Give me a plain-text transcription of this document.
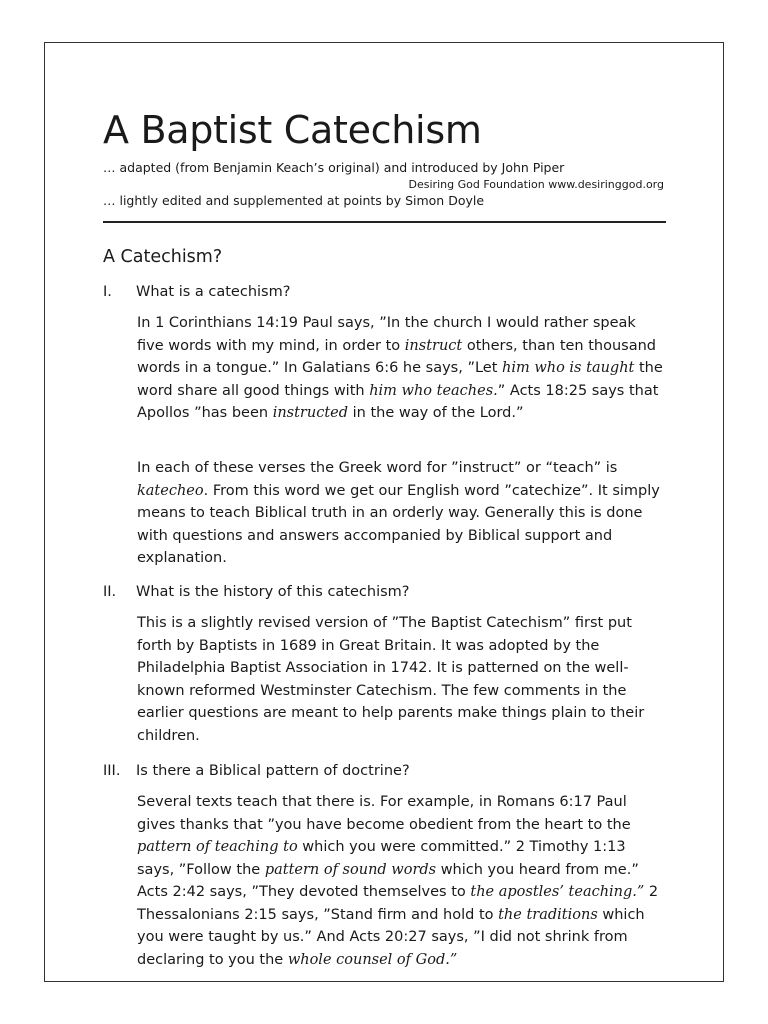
A Baptist Catechism
… adapted (from Benjamin Keach’s original) and introduced by John Piper
Desiring God Foundation www.desiringgod.org
… lightly edited and supplemented at points by Simon Doyle
A Catechism?
I. What is a catechism?

In 1 Corinthians 14:19 Paul says, ”In the church I would rather speak five words with my mind, in order to instruct others, than ten thousand words in a tongue.” In Galatians 6:6 he says, ”Let him who is taught the word share all good things with him who teaches.” Acts 18:25 says that Apollos ”has been instructed in the way of the Lord.”

In each of these verses the Greek word for ”instruct” or “teach” is katecheo. From this word we get our English word ”catechize”. It simply means to teach Biblical truth in an orderly way. Generally this is done with questions and answers accompanied by Biblical support and explanation.

II. What is the history of this catechism?

This is a slightly revised version of ”The Baptist Catechism” first put forth by Baptists in 1689 in Great Britain. It was adopted by the Philadelphia Baptist Association in 1742. It is patterned on the well-known reformed Westminster Catechism. The few comments in the earlier questions are meant to help parents make things plain to their children.

III. Is there a Biblical pattern of doctrine?

Several texts teach that there is. For example, in Romans 6:17 Paul gives thanks that ”you have become obedient from the heart to the pattern of teaching to which you were committed.” 2 Timothy 1:13 says, ”Follow the pattern of sound words which you heard from me.” Acts 2:42 says, ”They devoted themselves to the apostles’ teaching.” 2 Thessalonians 2:15 says, ”Stand firm and hold to the traditions which you were taught by us.” And Acts 20:27 says, ”I did not shrink from declaring to you the whole counsel of God.”
